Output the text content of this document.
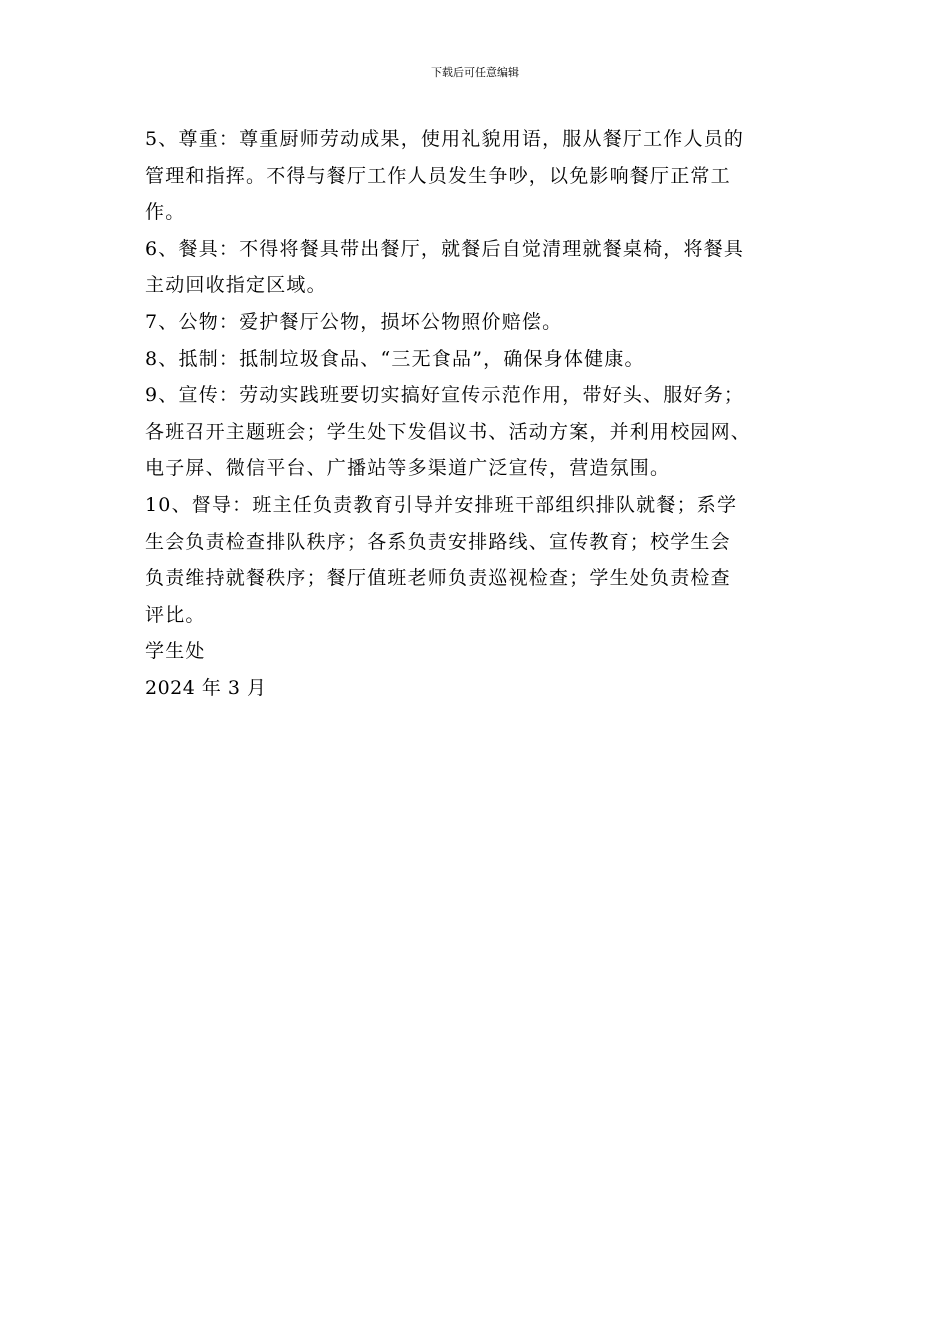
下载后可任意编辑
5、尊重：尊重厨师劳动成果，使用礼貌用语，服从餐厅工作人员的
管理和指挥。不得与餐厅工作人员发生争吵，以免影响餐厅正常工
作。
6、餐具：不得将餐具带出餐厅，就餐后自觉清理就餐桌椅，将餐具
主动回收指定区域。
7、公物：爱护餐厅公物，损坏公物照价赔偿。
8、抵制：抵制垃圾食品、“三无食品”，确保身体健康。
9、宣传：劳动实践班要切实搞好宣传示范作用，带好头、服好务；
各班召开主题班会；学生处下发倡议书、活动方案，并利用校园网、
电子屏、微信平台、广播站等多渠道广泛宣传，营造氛围。
10、督导：班主任负责教育引导并安排班干部组织排队就餐；系学
生会负责检查排队秩序；各系负责安排路线、宣传教育；校学生会
负责维持就餐秩序；餐厅值班老师负责巡视检查；学生处负责检查
评比。
学生处
2024 年 3 月
